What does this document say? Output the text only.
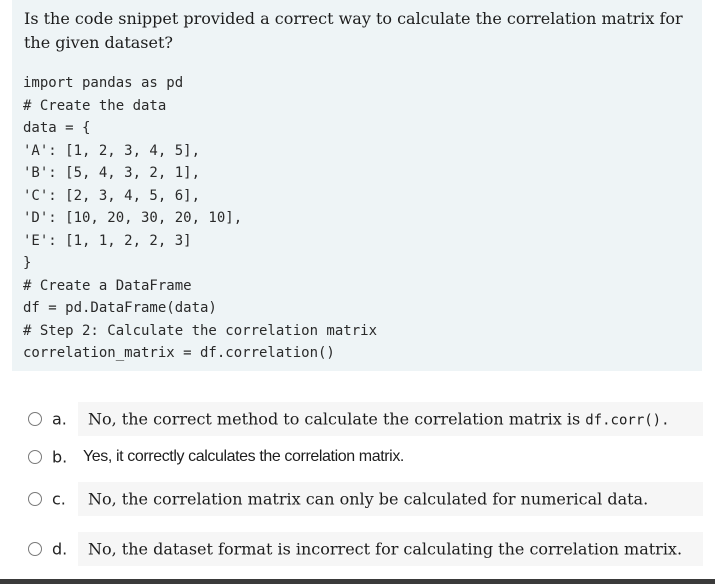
Is the code snippet provided a correct way to calculate the correlation matrix for
the given dataset?
import pandas as pd
# Create the data
data = {
'A': [1, 2, 3, 4, 5],
'B': [5, 4, 3, 2, 1],
'C': [2, 3, 4, 5, 6],
'D': [10, 20, 30, 20, 10],
'E': [1, 1, 2, 2, 3]
}
# Create a DataFrame
df = pd.DataFrame(data)
# Step 2: Calculate the correlation matrix
correlation_matrix = df.correlation()
a. No, the correct method to calculate the correlation matrix is df.corr().
b. Yes, it correctly calculates the correlation matrix.
c. No, the correlation matrix can only be calculated for numerical data.
d. No, the dataset format is incorrect for calculating the correlation matrix.
